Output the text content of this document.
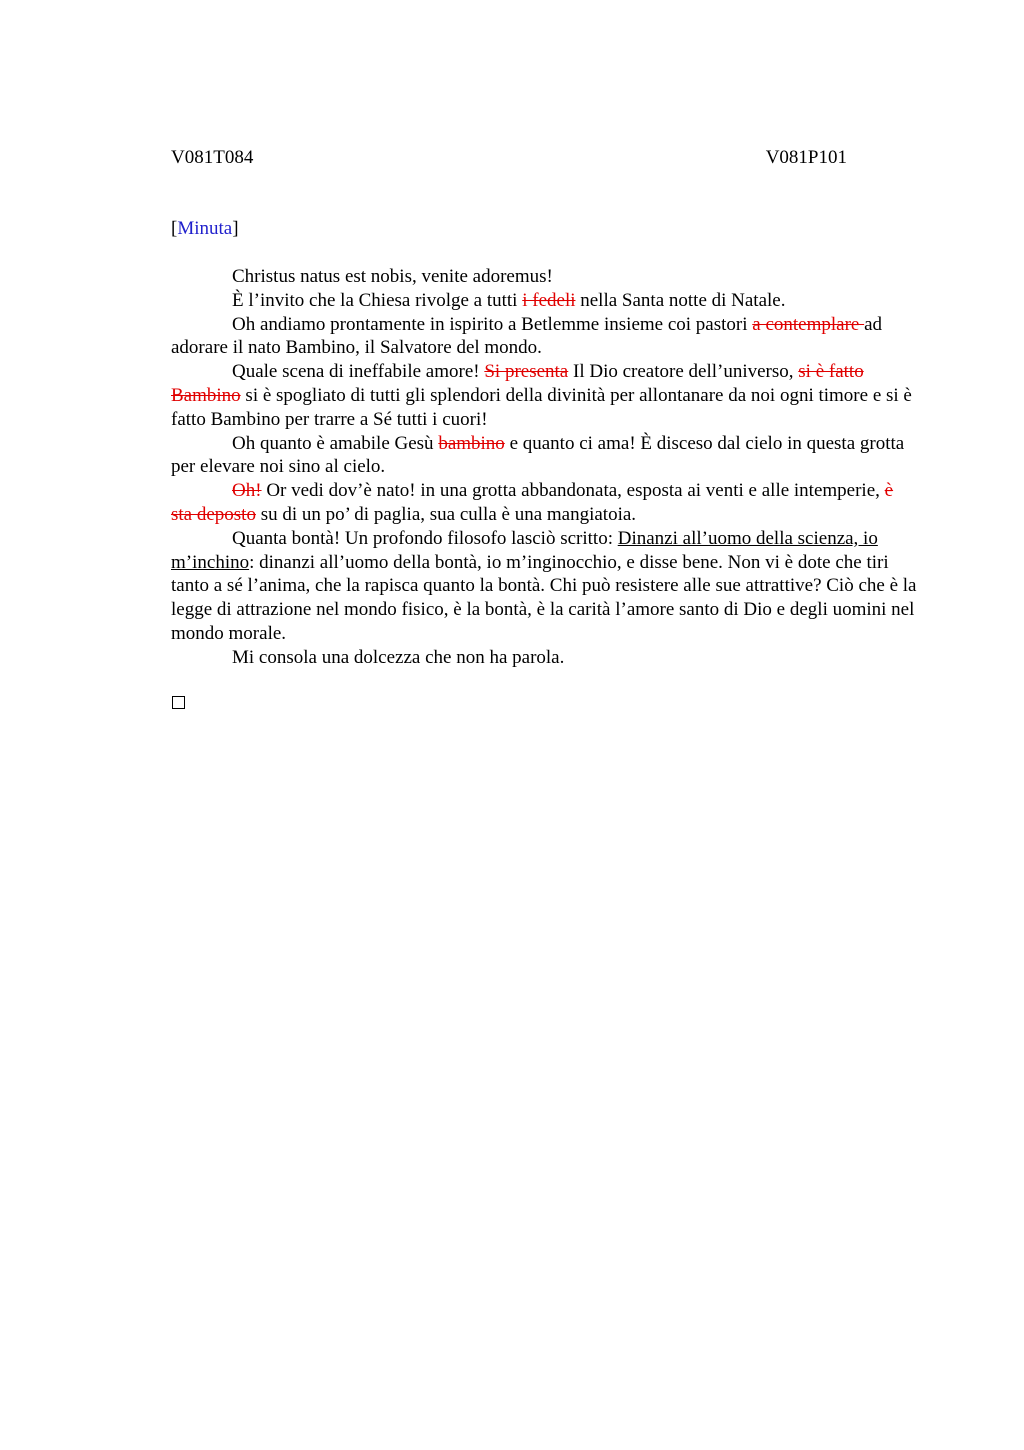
V081T084	V081P101
[Minuta]

Christus natus est nobis, venite adoremus!

È l’invito che la Chiesa rivolge a tutti i fedeli nella Santa notte di Natale.

Oh andiamo prontamente in ispirito a Betlemme insieme coi pastori a contemplare ad adorare il nato Bambino, il Salvatore del mondo.

Quale scena di ineffabile amore! Si presenta Il Dio creatore dell’universo, si è fatto Bambino si è spogliato di tutti gli splendori della divinità per allontanare da noi ogni timore e si è fatto Bambino per trarre a Sé tutti i cuori!

Oh quanto è amabile Gesù bambino e quanto ci ama! È disceso dal cielo in questa grotta per elevare noi sino al cielo.

Oh! Or vedi dov’è nato! in una grotta abbandonata, esposta ai venti e alle intemperie, è sta deposto su di un po’ di paglia, sua culla è una mangiatoia.

Quanta bontà! Un profondo filosofo lasciò scritto: Dinanzi all’uomo della scienza, io m’inchino: dinanzi all’uomo della bontà, io m’inginocchio, e disse bene. Non vi è dote che tiri tanto a sé l’anima, che la rapisca quanto la bontà. Chi può resistere alle sue attrattive? Ciò che è la legge di attrazione nel mondo fisico, è la bontà, è la carità l’amore santo di Dio e degli uomini nel mondo morale.

Mi consola una dolcezza che non ha parola.
